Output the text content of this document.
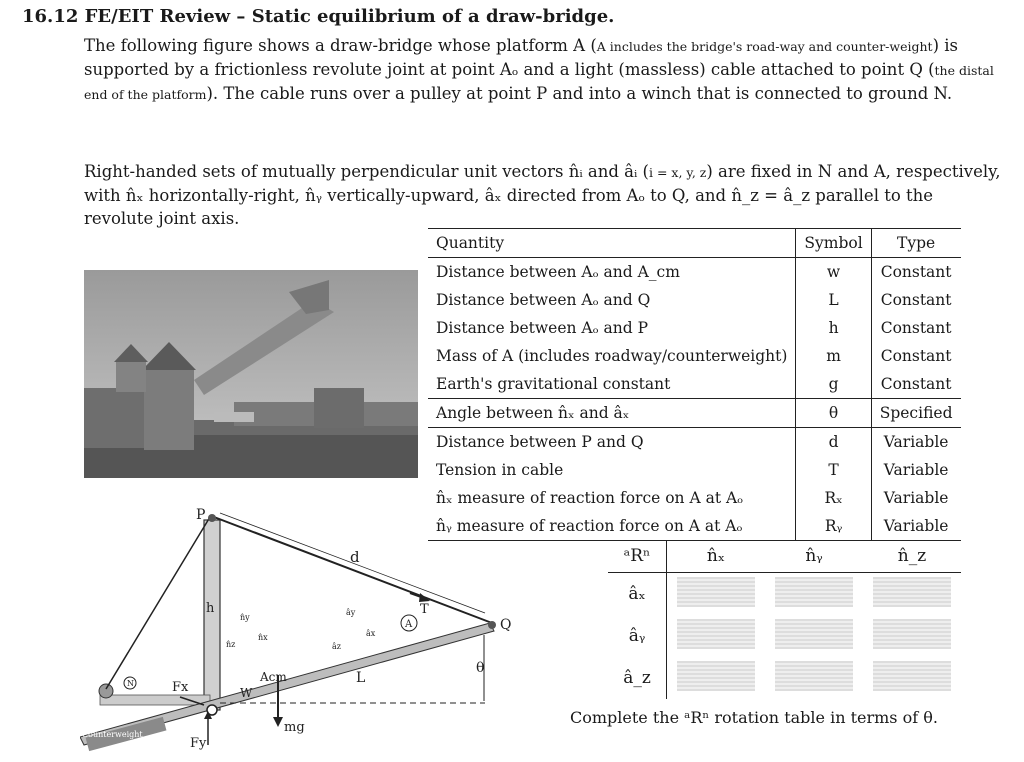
16.12 FE/EIT Review – Static equilibrium of a draw-bridge.
The following figure shows a draw-bridge whose platform A (A includes the bridge's road-way and counter-weight) is supported by a frictionless revolute joint at point Aₒ and a light (massless) cable attached to point Q (the distal end of the platform). The cable runs over a pulley at point P and into a winch that is connected to ground N.
Right-handed sets of mutually perpendicular unit vectors n̂ᵢ and âᵢ (i = x, y, z) are fixed in N and A, respectively, with n̂ₓ horizontally-right, n̂ᵧ vertically-upward, âₓ directed from Aₒ to Q, and n̂_z = â_z parallel to the revolute joint axis.
Quantity	Symbol	Type
Distance between Aₒ and A_cm	w	Constant
Distance between Aₒ and Q	L	Constant
Distance between Aₒ and P	h	Constant
Mass of A (includes roadway/counterweight)	m	Constant
Earth's gravitational constant	g	Constant
Angle between n̂ₓ and âₓ	θ	Specified
Distance between P and Q	d	Variable
Tension in cable	T	Variable
n̂ₓ measure of reaction force on A at Aₒ	Rₓ	Variable
n̂ᵧ measure of reaction force on A at Aₒ	Rᵧ	Variable
P
Q
d
h	T
L
W
Acm
A
N
θ
Fx
Fy
mg
Counterweight
n̂y
n̂x
n̂z
ây
âx
âz
ᵃRⁿ	n̂ₓ	n̂ᵧ	n̂_z
âₓ			
âᵧ			
â_z			
Complete the ᵃRⁿ rotation table in terms of θ.
